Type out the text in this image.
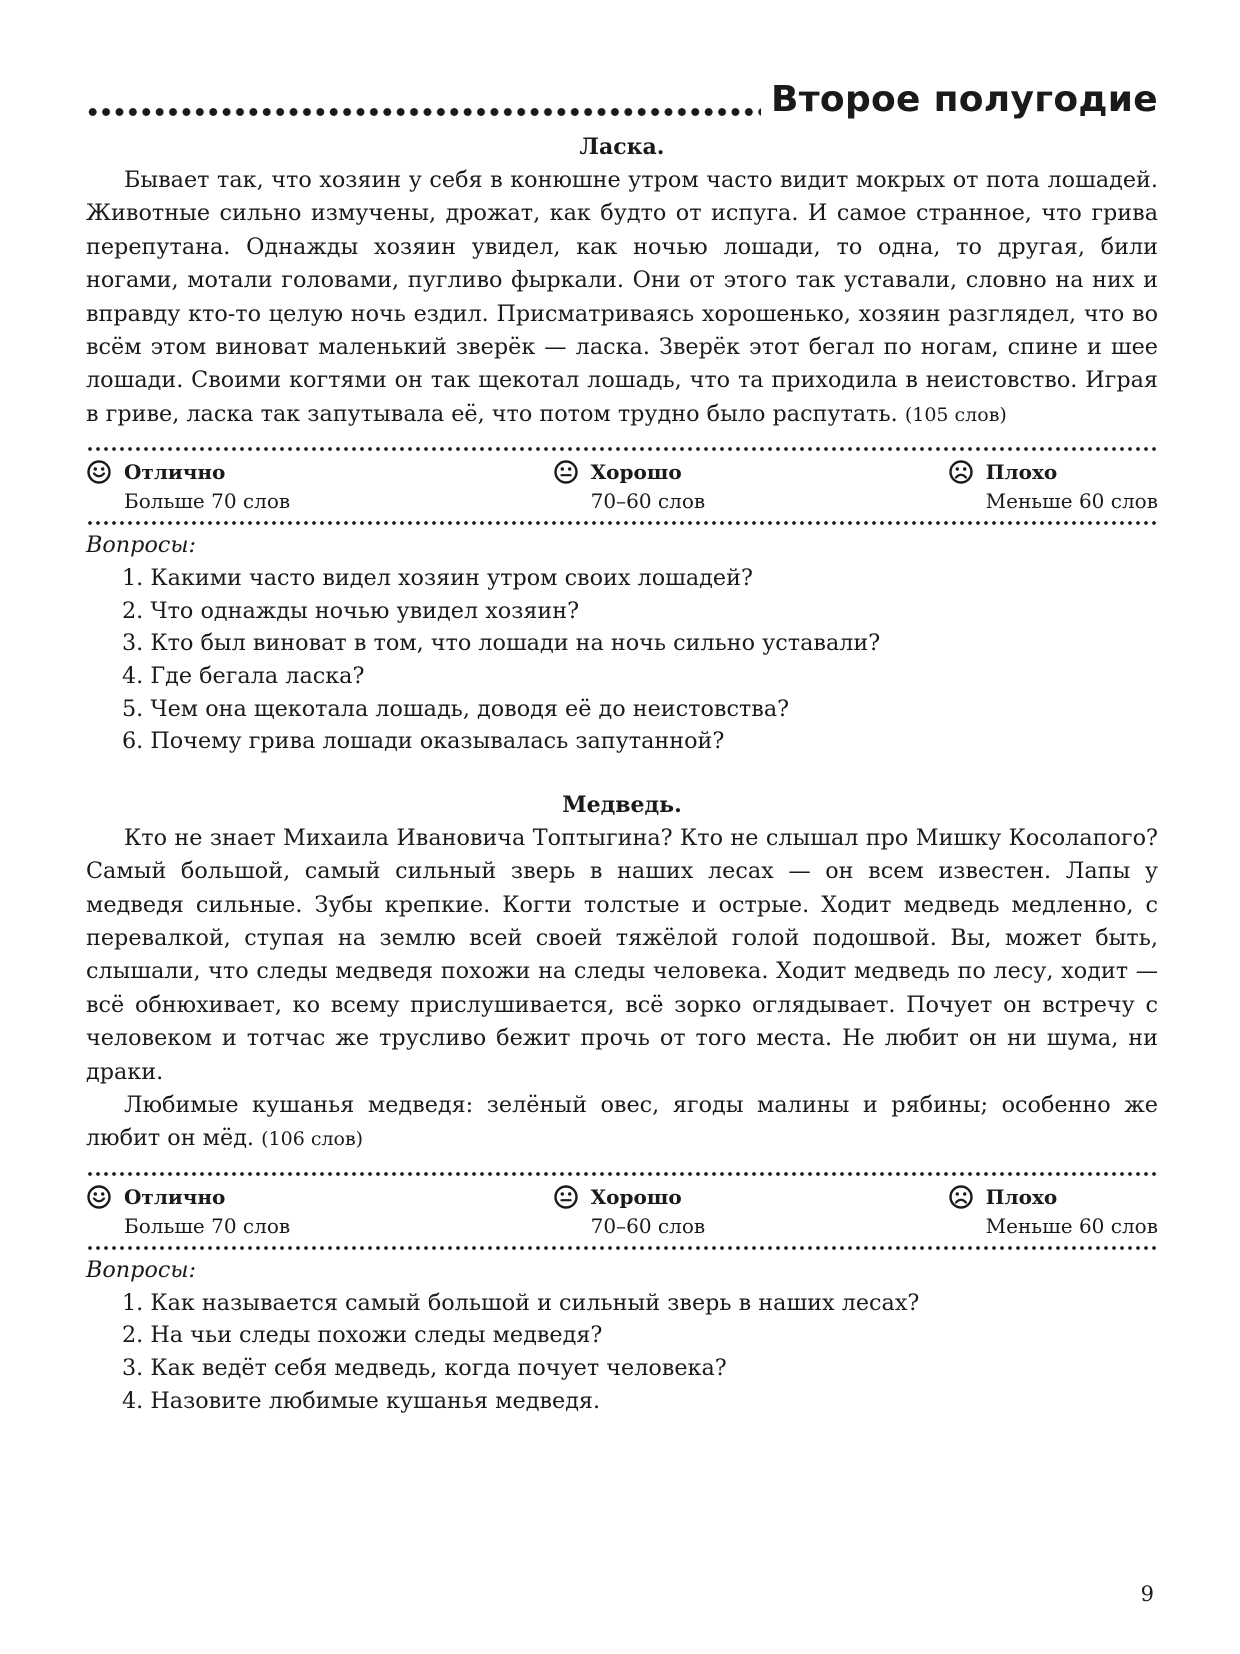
Второе полугодие
Ласка.

Бывает так, что хозяин у себя в конюшне утром часто видит мокрых от пота лошадей. Животные сильно измучены, дрожат, как будто от испуга. И самое странное, что грива перепутана. Однажды хозяин увидел, как ночью лошади, то одна, то другая, били ногами, мотали головами, пугливо фыркали. Они от этого так уставали, словно на них и вправду кто-то целую ночь ездил. Присматриваясь хорошенько, хозяин разглядел, что во всём этом виноват маленький зверёк — ласка. Зверёк этот бегал по ногам, спине и шее лошади. Своими когтями он так щекотал лошадь, что та приходила в неистовство. Играя в гриве, ласка так запутывала её, что потом трудно было распутать. (105 слов)

Отлично
Больше 70 слов
Хорошо
70–60 слов
Плохо
Меньше 60 слов
Вопросы:
1. Какими часто видел хозяин утром своих лошадей?
2. Что однажды ночью увидел хозяин?
3. Кто был виноват в том, что лошади на ночь сильно уставали?
4. Где бегала ласка?
5. Чем она щекотала лошадь, доводя её до неистовства?
6. Почему грива лошади оказывалась запутанной?
Медведь.

Кто не знает Михаила Ивановича Топтыгина? Кто не слышал про Мишку Косолапого? Самый большой, самый сильный зверь в наших лесах — он всем известен. Лапы у медведя сильные. Зубы крепкие. Когти толстые и острые. Ходит медведь медленно, с перевалкой, ступая на землю всей своей тяжёлой голой подошвой. Вы, может быть, слышали, что следы медведя похожи на следы человека. Ходит медведь по лесу, ходит — всё обнюхивает, ко всему прислушивается, всё зорко оглядывает. Почует он встречу с человеком и тотчас же трусливо бежит прочь от того места. Не любит он ни шума, ни драки.

Любимые кушанья медведя: зелёный овес, ягоды малины и рябины; особенно же любит он мёд. (106 слов)

Отлично
Больше 70 слов
Хорошо
70–60 слов
Плохо
Меньше 60 слов
Вопросы:
1. Как называется самый большой и сильный зверь в наших лесах?
2. На чьи следы похожи следы медведя?
3. Как ведёт себя медведь, когда почует человека?
4. Назовите любимые кушанья медведя.
9
